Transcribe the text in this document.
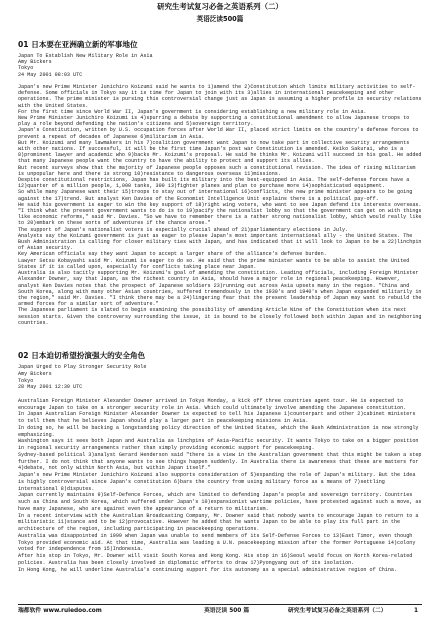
研究生考试复习必备之英语系列（二）
英语泛读500篇
01 日本要在亚洲确立新的军事地位
Japan To Establish New Military Role in Asia
Amy Bickers
Tokyo
24 May 2001 08:03 UTC

Japan's new Prime Minister Junichiro Koizumi said he wants to 1)amend the 2)Constitution which limits military activities to self-defense. Some officials in Tokyo say it is time for Japan to join with its 3)allies in international peacekeeping and other operations. The prime minister is pursing this controversial change just as Japan is assuming a higher profile in security relations with the United States.

For the first time since World War II, Japan's government is considering establishing a new military role in Asia.

New Prime Minister Junichiro Koizumi is 4)spurring a debate by supporting a constitutional amendment to allow Japanese troops to play a role beyond defending the nation's citizens and 5)sovereign territory.

Japan's Constitution, written by U.S. occupation forces after World War II, placed strict limits on the country's defense forces to prevent a repeat of decades of Japanese 6)militarism in Asia.

But Mr. Koizumi and many lawmakers in his 7)coalition government want Japan to now take part in collective security arrangements with other nations. If successful, it will be the first time Japan's post war Constitution is amended. Keiko Sakurai, who is a 8)prominent lawyer and academic who 9)backs Mr. Koizumi's proposal. He said he thinks Mr. Koizumi will succeed in his goal. He added that many Japanese people want the country to have the ability to protect and support its allies.

But recent surveys show that the majority of Japanese people opposes such a constitutional revision. The idea of rising militarism is unpopular here and there is strong 10)resistance to dangerous overseas 11)missions.

Despite constitutional restrictions, Japan has built its military into the best-equipped in Asia. The self-defense forces have a 12)quarter of a million people, 1,000 tanks, 300 13)fighter planes and plan to purchase more 14)sophisticated equipment.

So while many Japanese want their 15)troops to stay out of international 16)conflicts, the new prime minister appears to be going against the 17)trend. But analyst Ken Davies of the Economist Intelligence Unit explains there is a political pay-off.

He said his government is eager to win the key support of 18)right wing voters, who want to see Japan defend its interests overseas. "I think what the present government wants to do is to 19)pacify the nationalist lobby so that the government can get on with things like economic reforms," said Mr. Davies. "So we have to remember there is a rather strong nationalist lobby, which would really like to 20)embark on these sorts of adventures if the chance arose."

The support of Japan's nationalist voters is especially crucial ahead of 21)parliamentary elections in July.

Analysts say the Koizumi government is just as eager to please Japan's most important international ally - the United States. The Bush Administration is calling for closer military ties with Japan, and has indicated that it will look to Japan to be a 22)linchpin of Asian security.

Key American officials say they want Japan to accept a larger share of the alliance's defense burden.

Lawyer Setsu Kobayashi said Mr. Koizumi is eager to do so. He said that the prime minister wants to be able to assist the United States if it is called upon, especially for conflicts taking place near Japan.

Australia is also tacitly supporting Mr. Koizumi's goal of amending the constitution. Leading officials, including Foreign Minister Alexander Downer, say that Japan, as the richest country in Asia, should have a major role in regional peacekeeping. However, analyst Ken Davies notes that the prospect of Japanese soldiers 23)running out across Asia upsets many in the region. "China and South Korea, along with many other Asian countries, suffered tremendously in the 1930's and 1940's when Japan expanded militarily in the region," said Mr. Davies. "I think there may be a 24)lingering fear that the present leadership of Japan may want to rebuild the armed forces for a similar sort of adventure."

The Japanese parliament is slated to begin examining the possibility of amending Article Nine of the Constitution when its next session starts. Given the controversy surrounding the issue, it is bound to be closely followed both within Japan and in neighboring countries.

02 日本迫切希望扮演强大的安全角色
Japan Urged to Play Stronger Security Role
Amy Bickers
Tokyo
28 May 2001 12:39 UTC

Australian Foreign Minister Alexander Downer arrived in Tokyo Monday, a kick off three countries agent tour. He is expected to encourage Japan to take on a stronger security role in Asia. Which could ultimately involve amending the Japanese constitution.

In Japan Australian Foreign Minister Alexander Downer is expected to tell his Japanese 1)counterpart and other 2)cabinet ministers to tell them that he believes Japan should play a larger part in peacekeeping missions in Asia.

In doing so, he will be backing a longstanding policy direction of the United States, which the Bush Administration is now strongly emphasizing.

Washington says it sees both Japan and Australia as linchpins of Asia-Pacific security. It wants Tokyo to take on a bigger position in regional security arrangements rather than simply providing economic support for peacekeeping.

Sydney-based political 3)analyst Gerard Henderson said "there is a view in the Australian government that this might be taken a step further. I do not think that anyone wants to see things happen suddenly. In Australia there is awareness that these are matters for 4)debate, not only within North Asia, but within Japan itself."

Japan's new Prime Minister Junichiro Koizumi also supports consideration of 5)expanding the role of Japan's military. But the idea is highly controversial since Japan's constitution 6)bars the country from using military force as a means of 7)settling international 8)disputes.

Japan currently maintains 9)Self-Defence Forces, which are limited to defending Japan's people and sovereign territory. Countries such as China and South Korea, which suffered under Japan's 10)expansionist wartime policies, have protested against such a move, as have many Japanese, who are against even the appearance of a return to militarism.

In a recent interview with the Australian Broadcasting Company, Mr. Downer said that nobody wants to encourage Japan to return to a militaristic 11)stance and to be 12)provocative. However he added that he wants Japan to be able to play its full part in the architecture of the region, including participating in peacekeeping operations.

Australia was disappointed in 1999 when Japan was unable to send members of its Self-Defense Forces to 13)East Timor, even though Tokyo provided economic aid. At that time, Australia was leading a U.N. peacekeeping mission after the former Portuguese 14)colony voted for independence from 15)Indonesia.

After his stop in Tokyo, Mr. Downer will visit South Korea and Hong Kong. His stop in 16)Seoul would focus on North Korea-related policies. Australia has been closely involved in diplomatic efforts to draw 17)Pyongyang out of its isolation.

In Hong Kong, he will underline Australia's continuing support for its autonomy as a special administrative region of China.

瑞都软件 www.ruiedoo.com	英语泛读 500 篇	研究生考试复习必备之英语系列（二）	1
